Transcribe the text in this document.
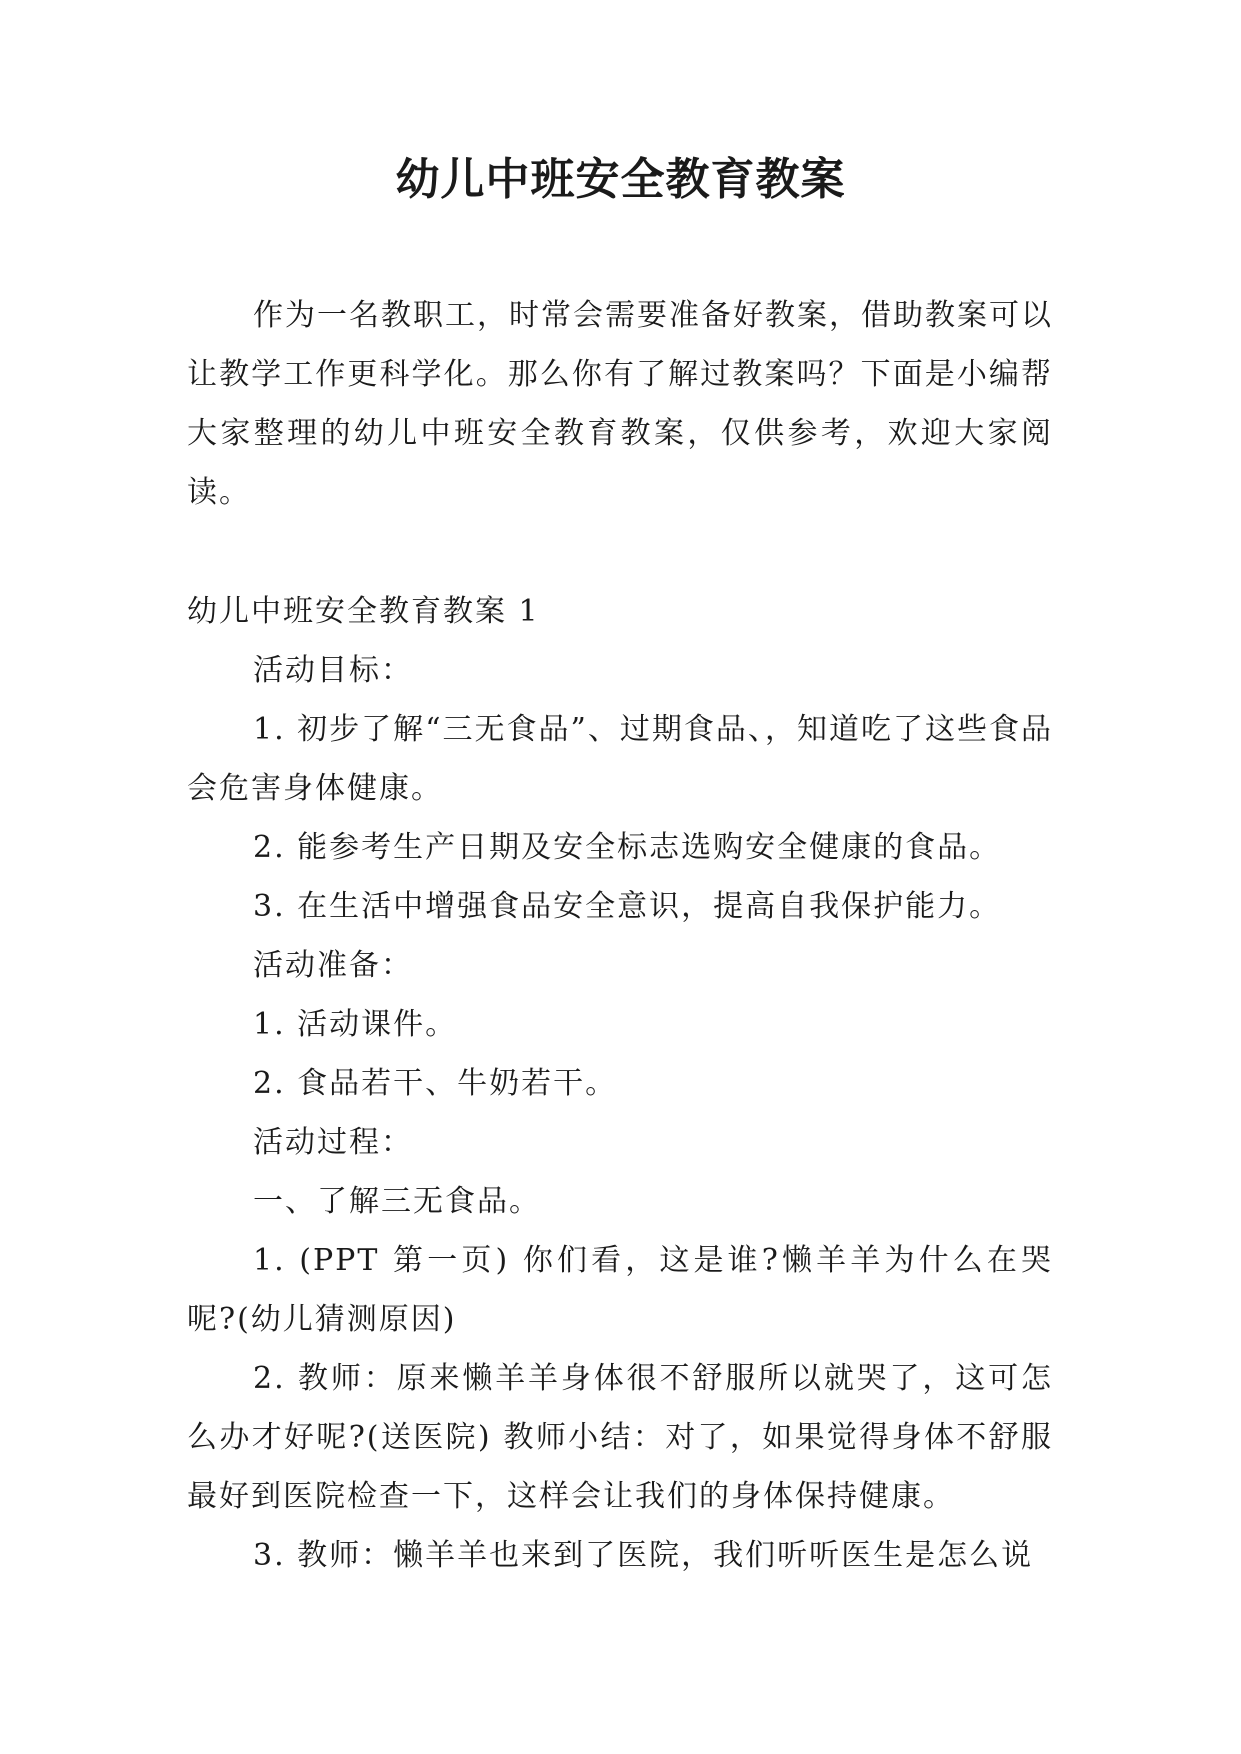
幼儿中班安全教育教案

作为一名教职工，时常会需要准备好教案，借助教案可以让教学工作更科学化。那么你有了解过教案吗？下面是小编帮大家整理的幼儿中班安全教育教案，仅供参考，欢迎大家阅读。

幼儿中班安全教育教案 1

活动目标：

1. 初步了解“三无食品”、过期食品、，知道吃了这些食品会危害身体健康。

2. 能参考生产日期及安全标志选购安全健康的食品。

3. 在生活中增强食品安全意识，提高自我保护能力。

活动准备：

1. 活动课件。

2. 食品若干、牛奶若干。

活动过程：

一、了解三无食品。

1. (PPT 第一页) 你们看，这是谁?懒羊羊为什么在哭呢?(幼儿猜测原因)

2. 教师：原来懒羊羊身体很不舒服所以就哭了，这可怎么办才好呢?(送医院) 教师小结：对了，如果觉得身体不舒服最好到医院检查一下，这样会让我们的身体保持健康。

3. 教师：懒羊羊也来到了医院，我们听听医生是怎么说
